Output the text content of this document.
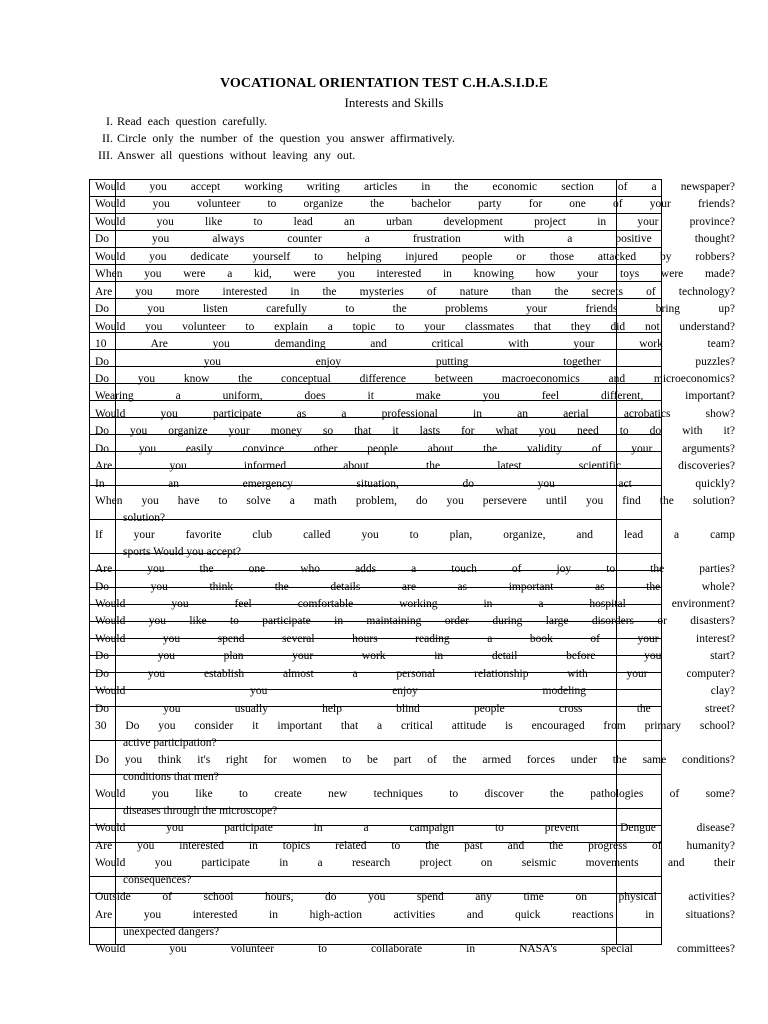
VOCATIONAL ORIENTATION TEST C.H.A.S.I.D.E
Interests and Skills
I. Read each question carefully.
II. Circle only the number of the question you answer affirmatively.
III. Answer all questions without leaving any out.

Would you accept working writing articles in the economic section of a newspaper?
Would you volunteer to organize the bachelor party for one of your friends?
Would you like to lead an urban development project in your province?
Do you always counter a frustration with a positive thought?
Would you dedicate yourself to helping injured people or those attacked by robbers?
When you were a kid, were you interested in knowing how your toys were made?
Are you more interested in the mysteries of nature than the secrets of technology?
Do you listen carefully to the problems your friends bring up?
Would you volunteer to explain a topic to your classmates that they did not understand?
10 Are you demanding and critical with your work team?
Do you enjoy putting together puzzles?
Do you know the conceptual difference between macroeconomics and microeconomics?
Wearing a uniform, does it make you feel different, important?
Would you participate as a professional in an aerial acrobatics show?
Do you organize your money so that it lasts for what you need to do with it?
Do you easily convince other people about the validity of your arguments?
Are you informed about the latest scientific discoveries?
In an emergency situation, do you act quickly?
When you have to solve a math problem, do you persevere until you find the solution?
solution?
If your favorite club called you to plan, organize, and lead a camp
sports Would you accept?
Are you the one who adds a touch of joy to the parties?
Do you think the details are as important as the whole?
Would you feel comfortable working in a hospital environment?
Would you like to participate in maintaining order during large disorders or disasters?
Would you spend several hours reading a book of your interest?
Do you plan your work in detail before you start?
Do you establish almost a personal relationship with your computer?
Would you enjoy modeling clay?
Do you usually help blind people cross the street?
30 Do you consider it important that a critical attitude is encouraged from primary school?
active participation?
Do you think it's right for women to be part of the armed forces under the same conditions?
conditions that men?
Would you like to create new techniques to discover the pathologies of some?
diseases through the microscope?
Would you participate in a campaign to prevent Dengue disease?
Are you interested in topics related to the past and the progress of humanity?
Would you participate in a research project on seismic movements and their
consequences?
Outside of school hours, do you spend any time on physical activities?
Are you interested in high-action activities and quick reactions in situations?
unexpected dangers?
Would you volunteer to collaborate in NASA's special committees?
